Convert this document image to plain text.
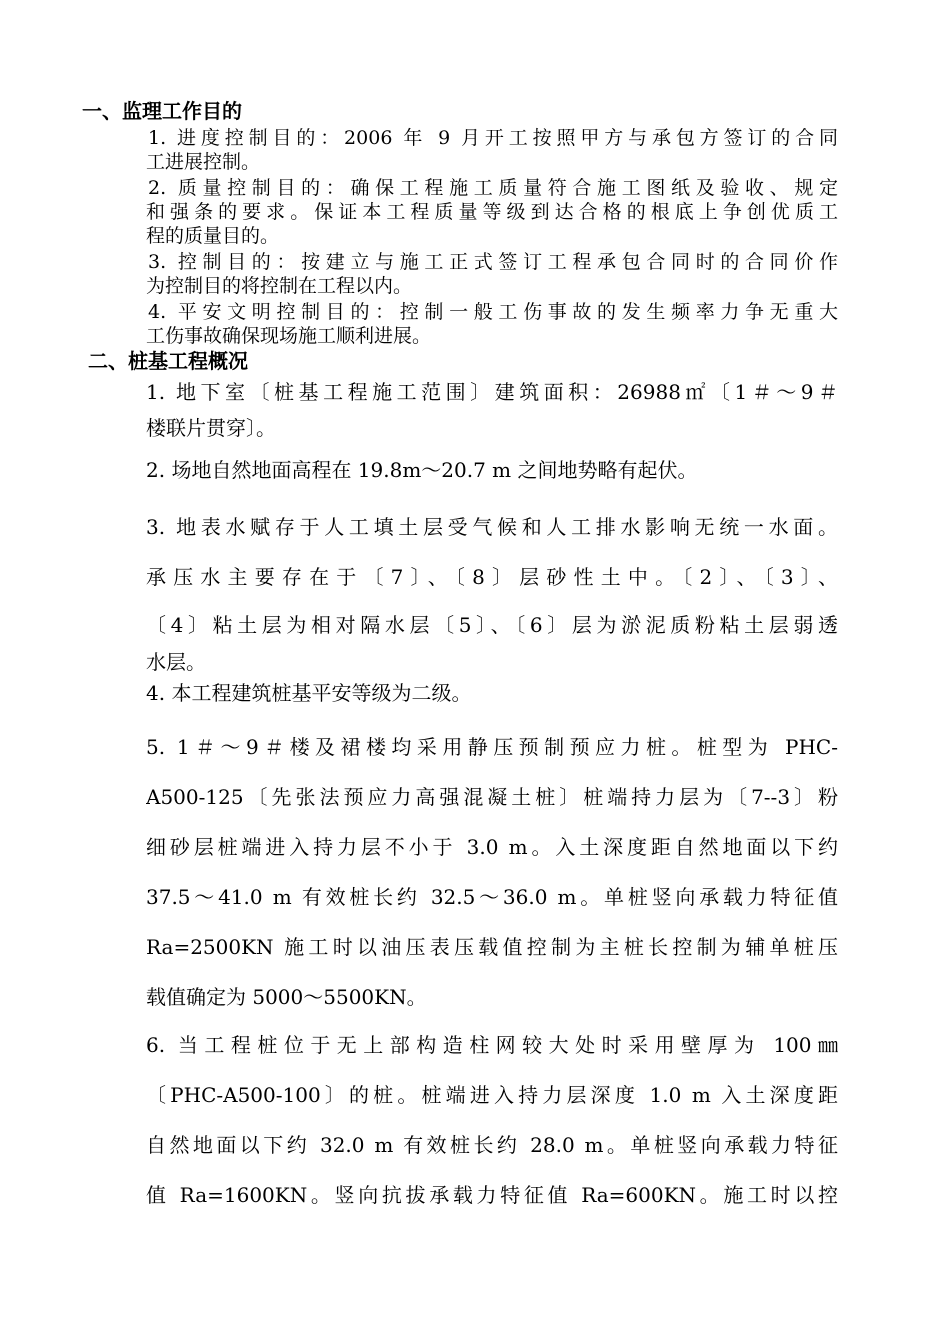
一、监理工作目的
1. 进度控制目的：2006 年 9 月开工按照甲方与承包方签订的合同
工进展控制。
2. 质量控制目的：确保工程施工质量符合施工图纸及验收、规定
和强条的要求。保证本工程质量等级到达合格的根底上争创优质工
程的质量目的。
3. 控制目的：按建立与施工正式签订工程承包合同时的合同价作
为控制目的将控制在工程以内。
4. 平安文明控制目的：控制一般工伤事故的发生频率力争无重大
工伤事故确保现场施工顺利进展。
二、桩基工程概况
1. 地下室〔桩基工程施工范围〕建筑面积：26988㎡〔1＃～9＃
楼联片贯穿〕。
2. 场地自然地面高程在 19.8m～20.7 m 之间地势略有起伏。
3. 地表水赋存于人工填土层受气候和人工排水影响无统一水面。
承压水主要存在于〔7〕、〔8〕层砂性土中。〔2〕、〔3〕、
〔4〕粘土层为相对隔水层〔5〕、〔6〕层为淤泥质粉粘土层弱透
水层。
4. 本工程建筑桩基平安等级为二级。
5. 1＃～9＃楼及裙楼均采用静压预制预应力桩。桩型为 PHC-
A500-125〔先张法预应力高强混凝土桩〕桩端持力层为〔7--3〕粉
细砂层桩端进入持力层不小于 3.0 m。入土深度距自然地面以下约
37.5～41.0 m 有效桩长约 32.5～36.0 m。单桩竖向承载力特征值
Ra=2500KN 施工时以油压表压载值控制为主桩长控制为辅单桩压
载值确定为 5000～5500KN。
6. 当工程桩位于无上部构造柱网较大处时采用壁厚为 100㎜
〔PHC-A500-100〕的桩。桩端进入持力层深度 1.0 m 入土深度距
自然地面以下约 32.0 m 有效桩长约 28.0 m。单桩竖向承载力特征
值 Ra=1600KN。竖向抗拔承载力特征值 Ra=600KN。施工时以控
